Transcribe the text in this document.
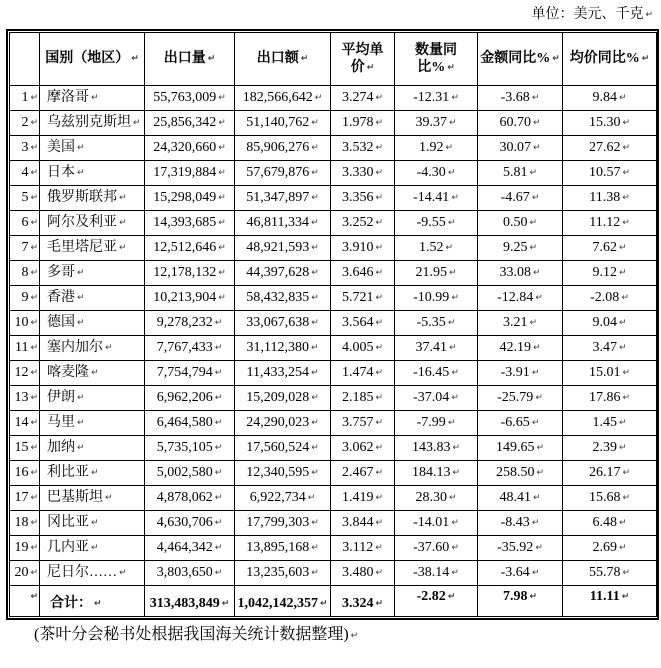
单位：美元、千克 ↵
	国别（地区） ↵	出口量 ↵	出口额 ↵	平均单价 ↵	数量同比% ↵	金额同比% ↵	均价同比% ↵
1 ↵	摩洛哥 ↵	55,763,009 ↵	182,566,642 ↵	3.274 ↵	-12.31 ↵	-3.68 ↵	9.84 ↵
2 ↵	乌兹别克斯坦 ↵	25,856,342 ↵	51,140,762 ↵	1.978 ↵	39.37 ↵	60.70 ↵	15.30 ↵
3 ↵	美国 ↵	24,320,660 ↵	85,906,276 ↵	3.532 ↵	1.92 ↵	30.07 ↵	27.62 ↵
4 ↵	日本 ↵	17,319,884 ↵	57,679,876 ↵	3.330 ↵	-4.30 ↵	5.81 ↵	10.57 ↵
5 ↵	俄罗斯联邦 ↵	15,298,049 ↵	51,347,897 ↵	3.356 ↵	-14.41 ↵	-4.67 ↵	11.38 ↵
6 ↵	阿尔及利亚 ↵	14,393,685 ↵	46,811,334 ↵	3.252 ↵	-9.55 ↵	0.50 ↵	11.12 ↵
7 ↵	毛里塔尼亚 ↵	12,512,646 ↵	48,921,593 ↵	3.910 ↵	1.52 ↵	9.25 ↵	7.62 ↵
8 ↵	多哥 ↵	12,178,132 ↵	44,397,628 ↵	3.646 ↵	21.95 ↵	33.08 ↵	9.12 ↵
9 ↵	香港 ↵	10,213,904 ↵	58,432,835 ↵	5.721 ↵	-10.99 ↵	-12.84 ↵	-2.08 ↵
10 ↵	德国 ↵	9,278,232 ↵	33,067,638 ↵	3.564 ↵	-5.35 ↵	3.21 ↵	9.04 ↵
11 ↵	塞内加尔 ↵	7,767,433 ↵	31,112,380 ↵	4.005 ↵	37.41 ↵	42.19 ↵	3.47 ↵
12 ↵	喀麦隆 ↵	7,754,794 ↵	11,433,254 ↵	1.474 ↵	-16.45 ↵	-3.91 ↵	15.01 ↵
13 ↵	伊朗 ↵	6,962,206 ↵	15,209,028 ↵	2.185 ↵	-37.04 ↵	-25.79 ↵	17.86 ↵
14 ↵	马里 ↵	6,464,580 ↵	24,290,023 ↵	3.757 ↵	-7.99 ↵	-6.65 ↵	1.45 ↵
15 ↵	加纳 ↵	5,735,105 ↵	17,560,524 ↵	3.062 ↵	143.83 ↵	149.65 ↵	2.39 ↵
16 ↵	利比亚 ↵	5,002,580 ↵	12,340,595 ↵	2.467 ↵	184.13 ↵	258.50 ↵	26.17 ↵
17 ↵	巴基斯坦 ↵	4,878,062 ↵	6,922,734 ↵	1.419 ↵	28.30 ↵	48.41 ↵	15.68 ↵
18 ↵	冈比亚 ↵	4,630,706 ↵	17,799,303 ↵	3.844 ↵	-14.01 ↵	-8.43 ↵	6.48 ↵
19 ↵	几内亚 ↵	4,464,342 ↵	13,895,168 ↵	3.112 ↵	-37.60 ↵	-35.92 ↵	2.69 ↵
20 ↵	尼日尔…… ↵	3,803,650 ↵	13,235,603 ↵	3.480 ↵	-38.14 ↵	-3.64 ↵	55.78 ↵
↵	合计： ↵	313,483,849 ↵	1,042,142,357 ↵	3.324 ↵	-2.82 ↵	7.98 ↵	11.11 ↵
(茶叶分会秘书处根据我国海关统计数据整理) ↵
